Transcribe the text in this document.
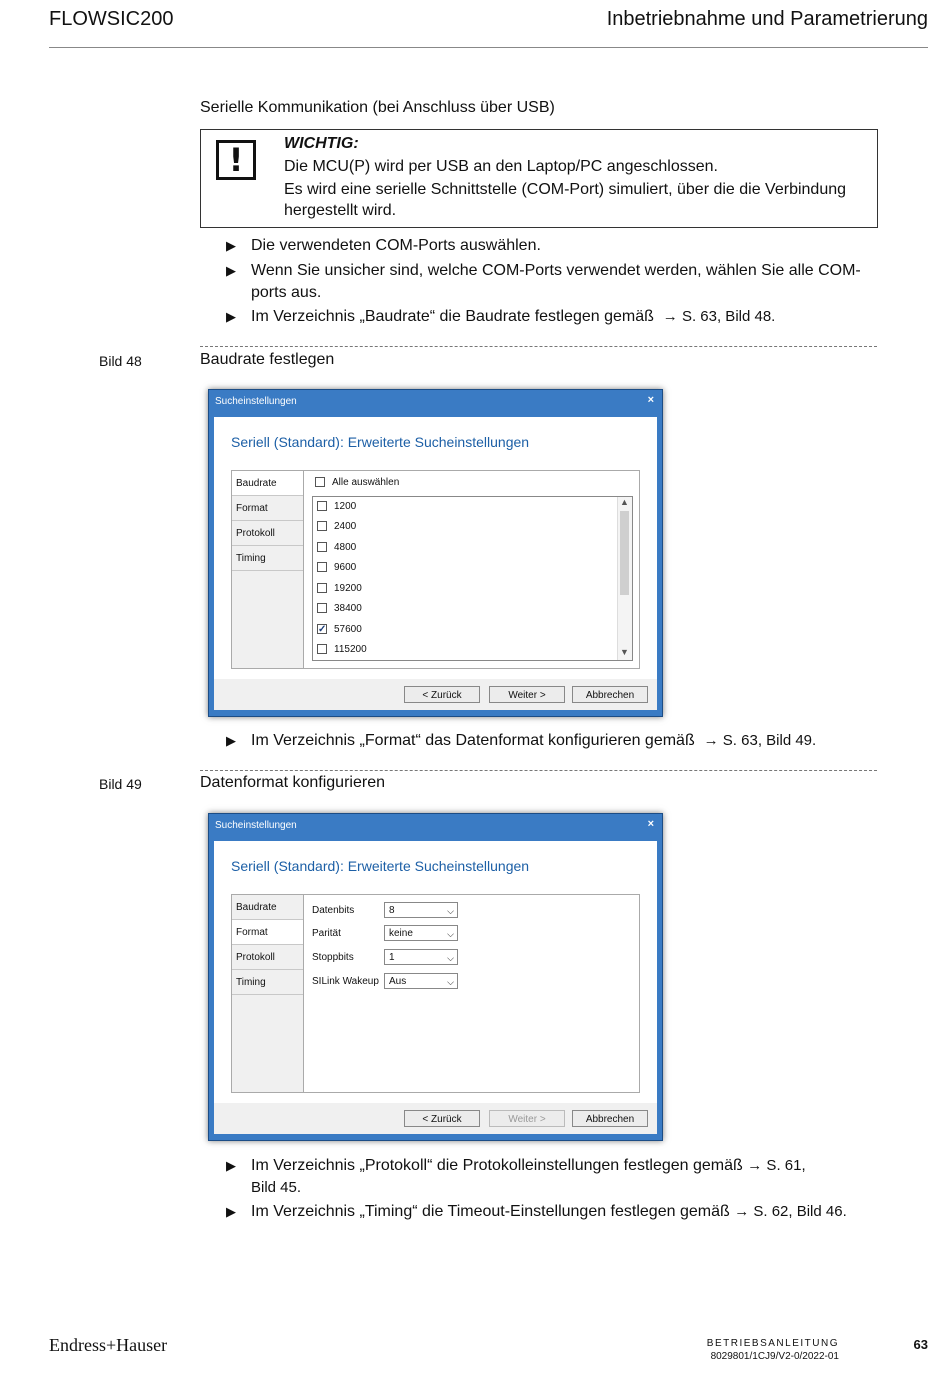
FLOWSIC200	Inbetriebnahme und Parametrierung
Serielle Kommunikation (bei Anschluss über USB)
!	WICHTIG:
Die MCU(P) wird per USB an den Laptop/PC angeschlossen.
Es wird eine serielle Schnittstelle (COM-Port) simuliert, über die die Verbindung
hergestellt wird.
▶ Die verwendeten COM-Ports auswählen.
▶ Wenn Sie unsicher sind, welche COM-Ports verwendet werden, wählen Sie alle COM-
ports aus.
▶ Im Verzeichnis „Baudrate“ die Baudrate festlegen gemäß → S. 63, Bild 48.
Bild 48	Baudrate festlegen
Sucheinstellungen	×
Seriell (Standard): Erweiterte Sucheinstellungen
Baudrate
Format
Protokoll
Timing
Alle auswählen
1200
2400
4800
9600
19200
38400
✓57600
115200
▲
▼
< Zurück	Weiter >	Abbrechen
▶ Im Verzeichnis „Format“ das Datenformat konfigurieren gemäß → S. 63, Bild 49.
Bild 49	Datenformat konfigurieren
Sucheinstellungen	×
Seriell (Standard): Erweiterte Sucheinstellungen
Baudrate
Format
Protokoll
Timing
Datenbits	8	⌵
Parität	keine	⌵
Stoppbits	1	⌵
SILink Wakeup	Aus	⌵
< Zurück	Weiter >	Abbrechen
▶ Im Verzeichnis „Protokoll“ die Protokolleinstellungen festlegen gemäß → S. 61,
Bild 45.
▶ Im Verzeichnis „Timing“ die Timeout-Einstellungen festlegen gemäß → S. 62, Bild 46.
Endress+Hauser	BETRIEBSANLEITUNG
8029801/1CJ9/V2-0/2022-01
63
